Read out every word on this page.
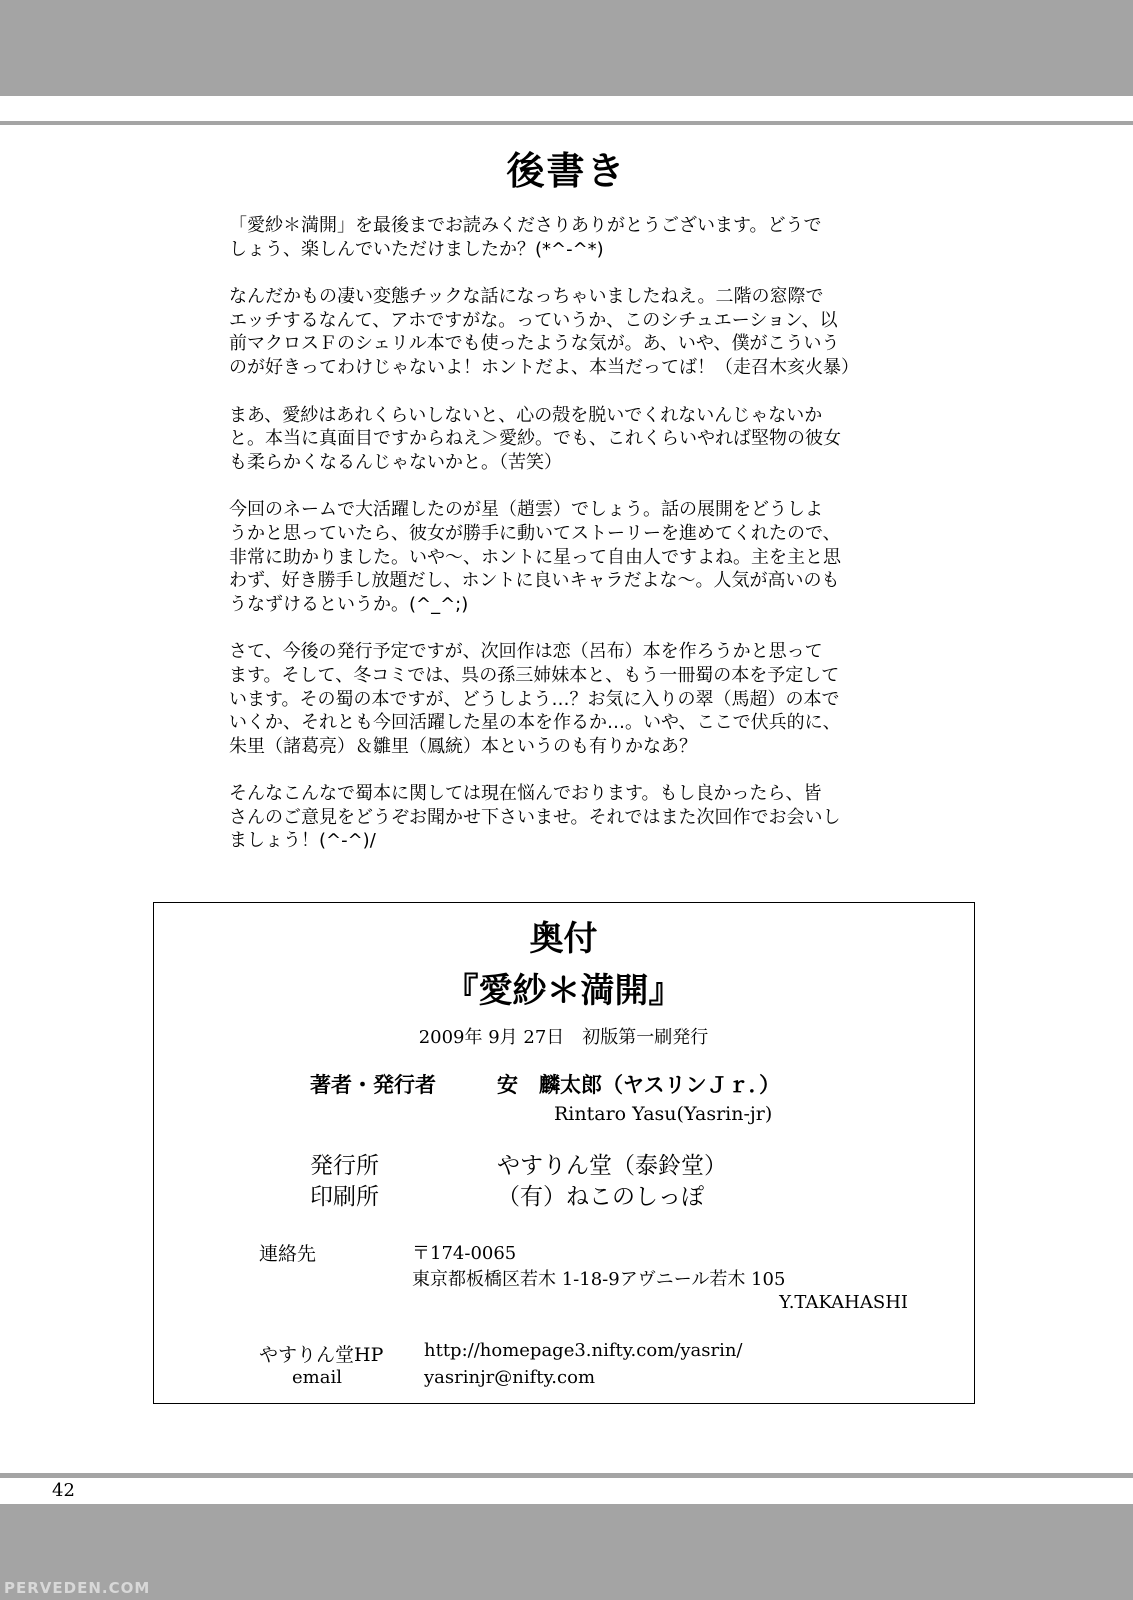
後書き

「愛紗＊満開」を最後までお読みくださりありがとうございます。どうで
しょう、楽しんでいただけましたか？(*^-^*)

なんだかもの凄い変態チックな話になっちゃいましたねえ。二階の窓際で
エッチするなんて、アホですがな。っていうか、このシチュエーション、以
前マクロスＦのシェリル本でも使ったような気が。あ、いや、僕がこういう
のが好きってわけじゃないよ！ホントだよ、本当だってば！（走召木亥火暴）

まあ、愛紗はあれくらいしないと、心の殻を脱いでくれないんじゃないか
と。本当に真面目ですからねえ＞愛紗。でも、これくらいやれば堅物の彼女
も柔らかくなるんじゃないかと。（苦笑）

今回のネームで大活躍したのが星（趙雲）でしょう。話の展開をどうしよ
うかと思っていたら、彼女が勝手に動いてストーリーを進めてくれたので、
非常に助かりました。いや～、ホントに星って自由人ですよね。主を主と思
わず、好き勝手し放題だし、ホントに良いキャラだよな～。人気が高いのも
うなずけるというか。(^_^;)

さて、今後の発行予定ですが、次回作は恋（呂布）本を作ろうかと思って
ます。そして、冬コミでは、呉の孫三姉妹本と、もう一冊蜀の本を予定して
います。その蜀の本ですが、どうしよう…？お気に入りの翠（馬超）の本で
いくか、それとも今回活躍した星の本を作るか…。いや、ここで伏兵的に、
朱里（諸葛亮）＆雛里（鳳統）本というのも有りかなあ？

そんなこんなで蜀本に関しては現在悩んでおります。もし良かったら、皆
さんのご意見をどうぞお聞かせ下さいませ。それではまた次回作でお会いし
ましょう！(^-^)/

奥付
『愛紗＊満開』
2009年 9月 27日　初版第一刷発行
著者・発行者	安　麟太郎（ヤスリンＪｒ．）
Rintaro Yasu(Yasrin-jr)
発行所	やすりん堂（泰鈴堂）
印刷所	（有）ねこのしっぽ
連絡先	〒174-0065
東京都板橋区若木 1-18-9アヴニール若木 105
Y.TAKAHASHI
やすりん堂HP http://homepage3.nifty.com/yasrin/
email	yasrinjr@nifty.com
42
PERVEDEN.COM
